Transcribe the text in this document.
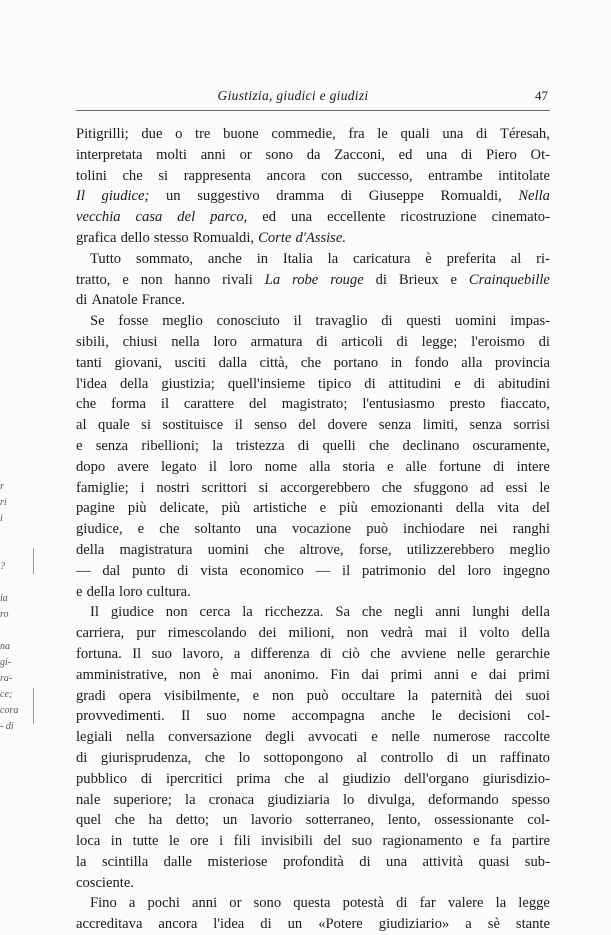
Giustizia, giudici e giudizi	47
Pitigrilli; due o tre buone commedie, fra le quali una di Téresah,
interpretata molti anni or sono da Zacconi, ed una di Piero Ot-
tolini che si rappresenta ancora con successo, entrambe intitolate
Il giudice; un suggestivo dramma di Giuseppe Romualdi, Nella
vecchia casa del parco, ed una eccellente ricostruzione cinemato-
grafica dello stesso Romualdi, Corte d'Assise.
Tutto sommato, anche in Italia la caricatura è preferita al ri-
tratto, e non hanno rivali La robe rouge di Brieux e Crainquebille
di Anatole France.
Se fosse meglio conosciuto il travaglio di questi uomini impas-
sibili, chiusi nella loro armatura di articoli di legge; l'eroismo di
tanti giovani, usciti dalla città, che portano in fondo alla provincia
l'idea della giustizia; quell'insieme tipico di attitudini e di abitudini
che forma il carattere del magistrato; l'entusiasmo presto fiaccato,
al quale si sostituisce il senso del dovere senza limiti, senza sorrisi
e senza ribellioni; la tristezza di quelli che declinano oscuramente,
dopo avere legato il loro nome alla storia e alle fortune di intere
famiglie; i nostri scrittori si accorgerebbero che sfuggono ad essi le
pagine più delicate, più artistiche e più emozionanti della vita del
giudice, e che soltanto una vocazione può inchiodare nei ranghi
della magistratura uomini che altrove, forse, utilizzerebbero meglio
— dal punto di vista economico — il patrimonio del loro ingegno
e della loro cultura.
Il giudice non cerca la ricchezza. Sa che negli anni lunghi della
carriera, pur rimescolando dei milioni, non vedrà mai il volto della
fortuna. Il suo lavoro, a differenza di ciò che avviene nelle gerarchie
amministrative, non è mai anonimo. Fin dai primi anni e dai primi
gradi opera visibilmente, e non può occultare la paternità dei suoi
provvedimenti. Il suo nome accompagna anche le decisioni col-
legiali nella conversazione degli avvocati e nelle numerose raccolte
di giurisprudenza, che lo sottopongono al controllo di un raffinato
pubblico di ipercritici prima che al giudizio dell'organo giurisdizio-
nale superiore; la cronaca giudiziaria lo divulga, deformando spesso
quel che ha detto; un lavorio sotterraneo, lento, ossessionante col-
loca in tutte le ore i fili invisibili del suo ragionamento e fa partire
la scintilla dalle misteriose profondità di una attività quasi sub-
cosciente.
Fino a pochi anni or sono questa potestà di far valere la legge
accreditava ancora l'idea di un «Potere giudiziario» a sè stante
r
ri
i
?
ia
ro
na
gi-
ra-
ce;
cora
- di
